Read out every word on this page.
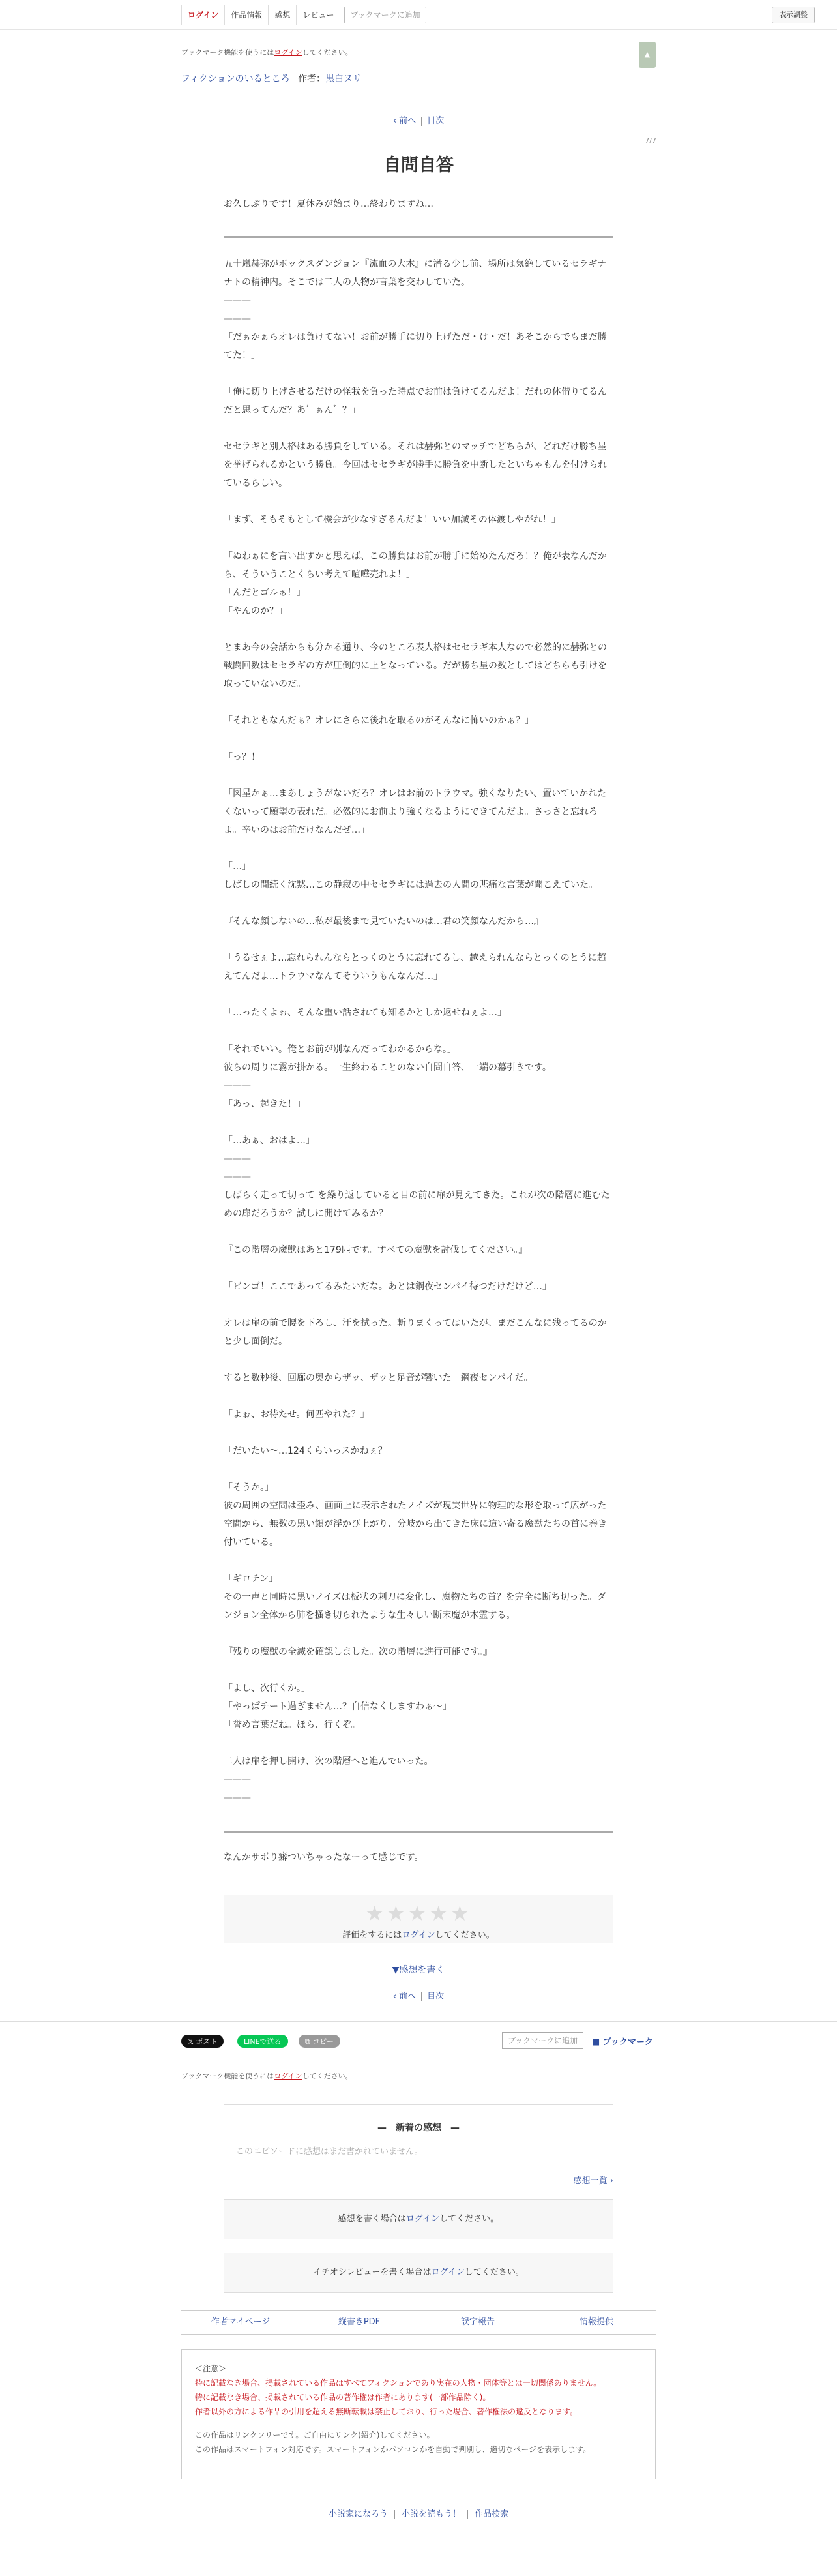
ログイン	作品情報	感想	レビュー	ブックマークに追加	表示調整
▲
ブックマーク機能を使うにはログインしてください。
フィクションのいるところ 作者：黒白ヌリ
‹ 前へ 目次
7/7
自問自答
お久しぶりです！夏休みが始まり…終わりますね…

五十嵐赫弥がボックスダンジョン『流血の大木』に潜る少し前、場所は気絶しているセラギナナトの精神内。そこでは二人の人物が言葉を交わしていた。

———

———

「だぁかぁらオレは負けてない！お前が勝手に切り上げただ・け・だ！あそこからでもまだ勝てた！」

「俺に切り上げさせるだけの怪我を負った時点でお前は負けてるんだよ！だれの体借りてるんだと思ってんだ？あ゛ぁん゛？」

セセラギと別人格はある勝負をしている。それは赫弥とのマッチでどちらが、どれだけ勝ち星を挙げられるかという勝負。今回はセセラギが勝手に勝負を中断したといちゃもんを付けられているらしい。

「まず、そもそもとして機会が少なすぎるんだよ！いい加減その体渡しやがれ！」

「ぬわぁにを言い出すかと思えば、この勝負はお前が勝手に始めたんだろ！？俺が表なんだから、そういうことくらい考えて喧嘩売れよ！」

「んだとゴルぁ！」

「やんのか？」

とまあ今の会話からも分かる通り、今のところ表人格はセセラギ本人なので必然的に赫弥との戦闘回数はセセラギの方が圧倒的に上となっている。だが勝ち星の数としてはどちらも引けを取っていないのだ。

「それともなんだぁ？オレにさらに後れを取るのがそんなに怖いのかぁ？」

「っ？！」

「図星かぁ…まあしょうがないだろ？オレはお前のトラウマ。強くなりたい、置いていかれたくないって願望の表れだ。必然的にお前より強くなるようにできてんだよ。さっさと忘れろよ。辛いのはお前だけなんだぜ…」

「…」

しばしの間続く沈黙…この静寂の中セセラギには過去の人間の悲痛な言葉が聞こえていた。

『そんな顔しないの…私が最後まで見ていたいのは…君の笑顔なんだから…』

「うるせぇよ…忘れられんならとっくのとうに忘れてるし、越えられんならとっくのとうに超えてんだよ…トラウマなんてそういうもんなんだ…」

「…ったくよぉ、そんな重い話されても知るかとしか返せねぇよ…」

「それでいい。俺とお前が別なんだってわかるからな。」

彼らの周りに霧が掛かる。一生終わることのない自問自答、一端の幕引きです。

———

「あっ、起きた！」

「…あぁ、おはよ…」

———

———

しばらく走って切って を繰り返していると目の前に扉が見えてきた。これが次の階層に進むための扉だろうか？試しに開けてみるか？

『この階層の魔獣はあと179匹です。すべての魔獣を討伐してください。』

「ビンゴ！ここであってるみたいだな。あとは鋼夜センパイ待つだけだけど…」

オレは扉の前で腰を下ろし、汗を拭った。斬りまくってはいたが、まだこんなに残ってるのかと少し面倒だ。

すると数秒後、回廊の奥からザッ、ザッと足音が響いた。鋼夜センパイだ。

「よぉ、お待たせ。何匹やれた？」

「だいたい～…124くらいっスかねぇ？」

「そうか。」

彼の周囲の空間は歪み、画面上に表示されたノイズが現実世界に物理的な形を取って広がった空間から、無数の黒い鎖が浮かび上がり、分岐から出てきた床に這い寄る魔獣たちの首に巻き付いている。

「ギロチン」

その一声と同時に黒いノイズは板状の刺刀に変化し、魔物たちの首？を完全に断ち切った。ダンジョン全体から肺を掻き切られたような生々しい断末魔が木霊する。

『残りの魔獣の全滅を確認しました。次の階層に進行可能です。』

「よし、次行くか。」

「やっぱチート過ぎません…？自信なくしますわぁ～」

「誉め言葉だね。ほら、行くぞ。」

二人は扉を押し開け、次の階層へと進んでいった。

———

———

なんかサボり癖ついちゃったなーって感じです。
★★★★★
評価をするにはログインしてください。
▼感想を書く
‹ 前へ 目次
𝕏 ポスト	LINEで送る	⧉ コピー	ブックマークに追加	■ ブックマーク
ブックマーク機能を使うにはログインしてください。
—　新着の感想　—
このエピソードに感想はまだ書かれていません。
感想一覧 ›
感想を書く場合はログインしてください。
イチオシレビューを書く場合はログインしてください。
作者マイページ	縦書きPDF	誤字報告	情報提供
＜注意＞
特に記載なき場合、掲載されている作品はすべてフィクションであり実在の人物・団体等とは一切関係ありません。
特に記載なき場合、掲載されている作品の著作権は作者にあります(一部作品除く)。
作者以外の方による作品の引用を超える無断転載は禁止しており、行った場合、著作権法の違反となります。
この作品はリンクフリーです。ご自由にリンク(紹介)してください。
この作品はスマートフォン対応です。スマートフォンかパソコンかを自動で判別し、適切なページを表示します。
小説家になろう 小説を読もう！ 作品検索
